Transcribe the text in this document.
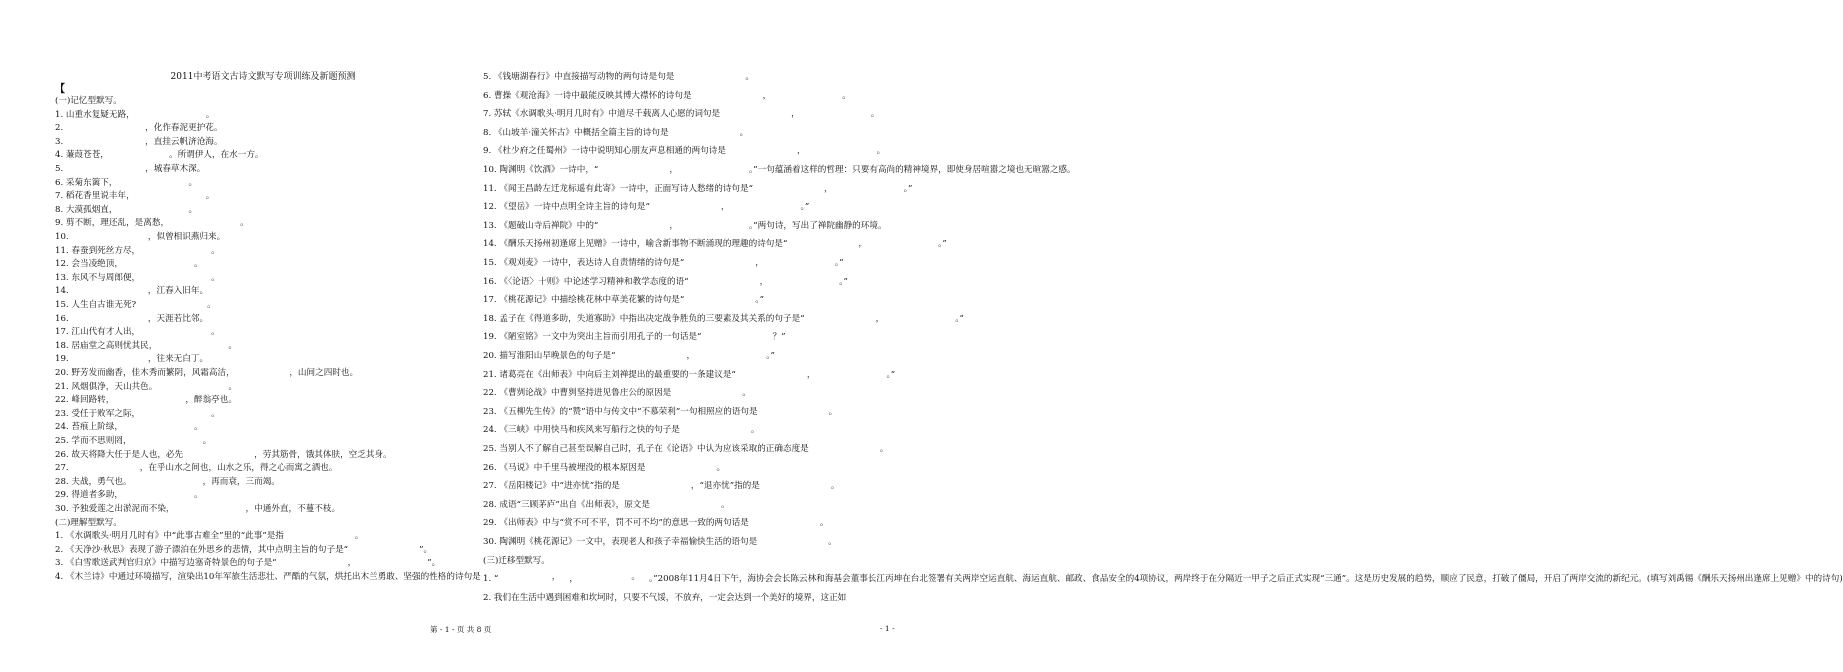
2011中考语文古诗文默写专项训练及新题预测
【
(一)记忆型默写。
1. 山重水复疑无路，                          。
2.                              ，化作春泥更护花。
3.                              ，直挂云帆济沧海。
4. 蒹葭苍苍，                      。所谓伊人，在水一方。
5.                              ，城春草木深。
6. 采菊东篱下，                          。
7. 稻花香里说丰年，                          。
8. 大漠孤烟直，                          。
9. 剪不断，理还乱，是离愁，                          。
10.                             ，似曾相识燕归来。
11. 春蚕到死丝方尽，                          。
12. 会当凌绝顶，                          。
13. 东风不与周郎便，                          。
14.                             ，江春入旧年。
15. 人生自古谁无死?                          。
16.                             ，天涯若比邻。
17. 江山代有才人出，                          。
18. 居庙堂之高则忧其民，                          。
19.                             ，往来无白丁。
20. 野芳发而幽香，佳木秀而繁阴，风霜高洁，                    ，山间之四时也。
21. 风烟俱净，天山共色。                          。
22. 峰回路转，                          ，醉翁亭也。
23. 受任于败军之际，                          。
24. 苔痕上阶绿，                          。
25. 学而不思则罔，                          。
26. 故天将降大任于是人也，必先                          ，劳其筋骨，饿其体肤，空乏其身。
27.                          ，在乎山水之间也，山水之乐，得之心而寓之酒也。
28. 夫战，勇气也。                          ，再而衰，三而竭。
29. 得道者多助，                          。
30. 予独爱莲之出淤泥而不染，                          ，中通外直，不蔓不枝。
(二)理解型默写。
1. 《水调歌头·明月几时有》中“此事古难全”里的“此事”是指                          。
2. 《天净沙·秋思》表现了游子漂泊在外思乡的悲情，其中点明主旨的句子是“                          ”。
3. 《白雪歌送武判官归京》中描写边塞奇特景色的句子是“                          ，                          ”。
4. 《木兰诗》中通过环境描写，渲染出10年军旅生活悲壮、严酷的气氛，烘托出木兰勇敢、坚强的性格的诗句是                          ，                          。
5. 《钱塘湖春行》中直接描写动物的两句诗是句是                          。
6. 曹操《观沧海》一诗中最能反映其博大襟怀的诗句是                          ，                          。
7. 苏轼《水调歌头·明月几时有》中道尽千载离人心愿的词句是                          ，                          。
8. 《山坡羊·潼关怀古》中概括全篇主旨的诗句是                          。
9. 《杜少府之任蜀州》一诗中说明知心朋友声息相通的两句诗是                          ，                          。
10. 陶渊明《饮酒》一诗中，“                          ，                          。”一句蕴涵着这样的哲理：只要有高尚的精神境界，即使身居喧嚣之境也无暄嚣之感。
11. 《闻王昌龄左迁龙标遥有此寄》一诗中，正面写诗人愁绪的诗句是“                          ，                          。”
12. 《望岳》一诗中点明全诗主旨的诗句是“                          ，                          。”
13. 《题破山寺后禅院》中的“                          ，                          。”两句诗，写出了禅院幽静的环境。
14. 《酬乐天扬州初逢席上见赠》一诗中，喻含新事物不断涌现的理趣的诗句是“                          ，                          。”
15. 《观刈麦》一诗中，表达诗人自责情绪的诗句是“                          ，                          。”
16. 《〈论语〉十则》中论述学习精神和教学态度的语“                          ，                          。”
17. 《桃花源记》中描绘桃花林中草美花繁的诗句是“                          。”
18. 孟子在《得道多助，失道寡助》中指出决定战争胜负的三要素及其关系的句子是“                          ，                          。”
19. 《陋室铭》一文中为突出主旨而引用孔子的一句话是“                          ？”
20. 描写淮阳山早晚景色的句子是“                          ，                          。”
21. 诸葛亮在《出师表》中向后主刘禅提出的最重要的一条建议是“                          ，                          。”
22. 《曹刿论战》中曹刿坚持进见鲁庄公的原因是                          。
23. 《五柳先生传》的“赞”语中与传文中“不慕荣利”一句相照应的语句是                          。
24. 《三峡》中用快马和疾风来写船行之快的句子是                          。
25. 当别人不了解自己甚至误解自己时，孔子在《论语》中认为应该采取的正确态度是                          。
26. 《马说》中千里马被埋没的根本原因是                          。
27. 《岳阳楼记》中“进亦忧”指的是                          ，“退亦忧”指的是                          。
28. 成语“三顾茅庐”出自《出师表》，原文是                          。
29. 《出师表》中与“赏不可不平，罚不可不均”的意思一致的两句话是                          。
30. 陶渊明《桃花源记》一文中，表现老人和孩子幸福愉快生活的语句是                          。
(三)迁移型默写。
1. “                          ，                          。”2008年11月4日下午，海协会会长陈云林和海基会董事长江丙坤在台北签署有关两岸空运直航、海运直航、邮政、食品安全的4项协议，两岸终于在分隔近一甲子之后正式实现“三通”。这是历史发展的趋势，顺应了民意，打破了僵局，开启了两岸交流的新纪元。(填写刘禹锡《酬乐天扬州出逢席上见赠》中的诗句)
2. 我们在生活中遇到困难和坎坷时，只要不气馁，不放弃，一定会达到一个美好的境界，这正如
第 - 1 - 页 共 8 页	- 1 -
